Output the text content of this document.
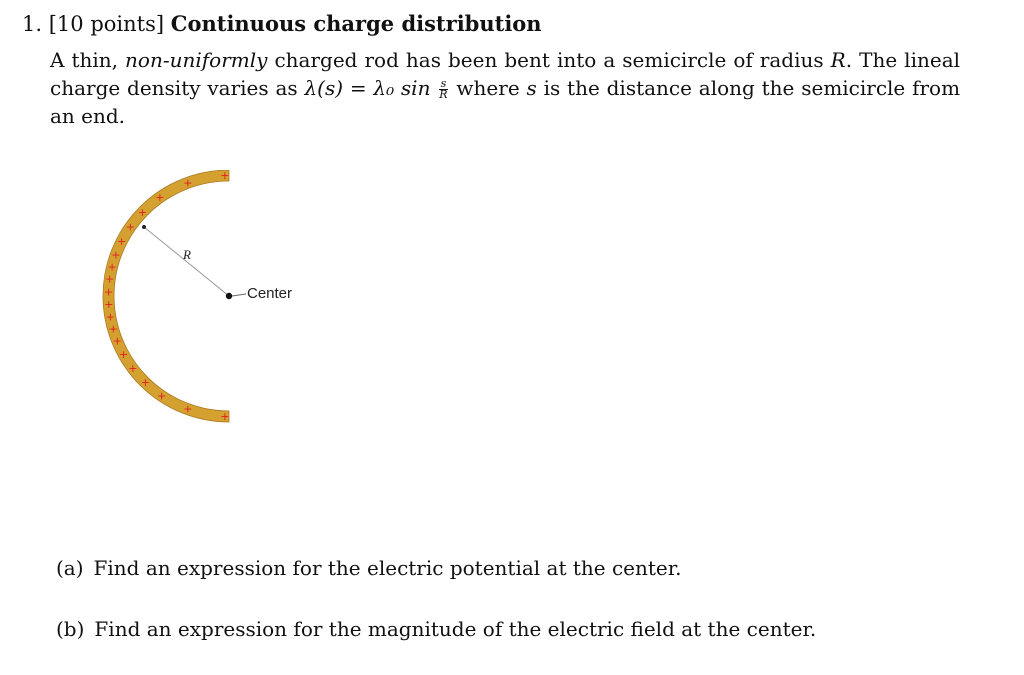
1. [10 points] Continuous charge distribution
A thin, non-uniformly charged rod has been bent into a semicircle of radius R. The lineal charge density varies as λ(s) = λ₀ $\sin \frac{s}{R}$ where s is the distance along the semicircle from an end.
+
+
+
+
+
+
+
+
+
+
+
+
+
+
+
+
+
+
+
+
R
Center
(a) Find an expression for the electric potential at the center.
(b) Find an expression for the magnitude of the electric field at the center.
